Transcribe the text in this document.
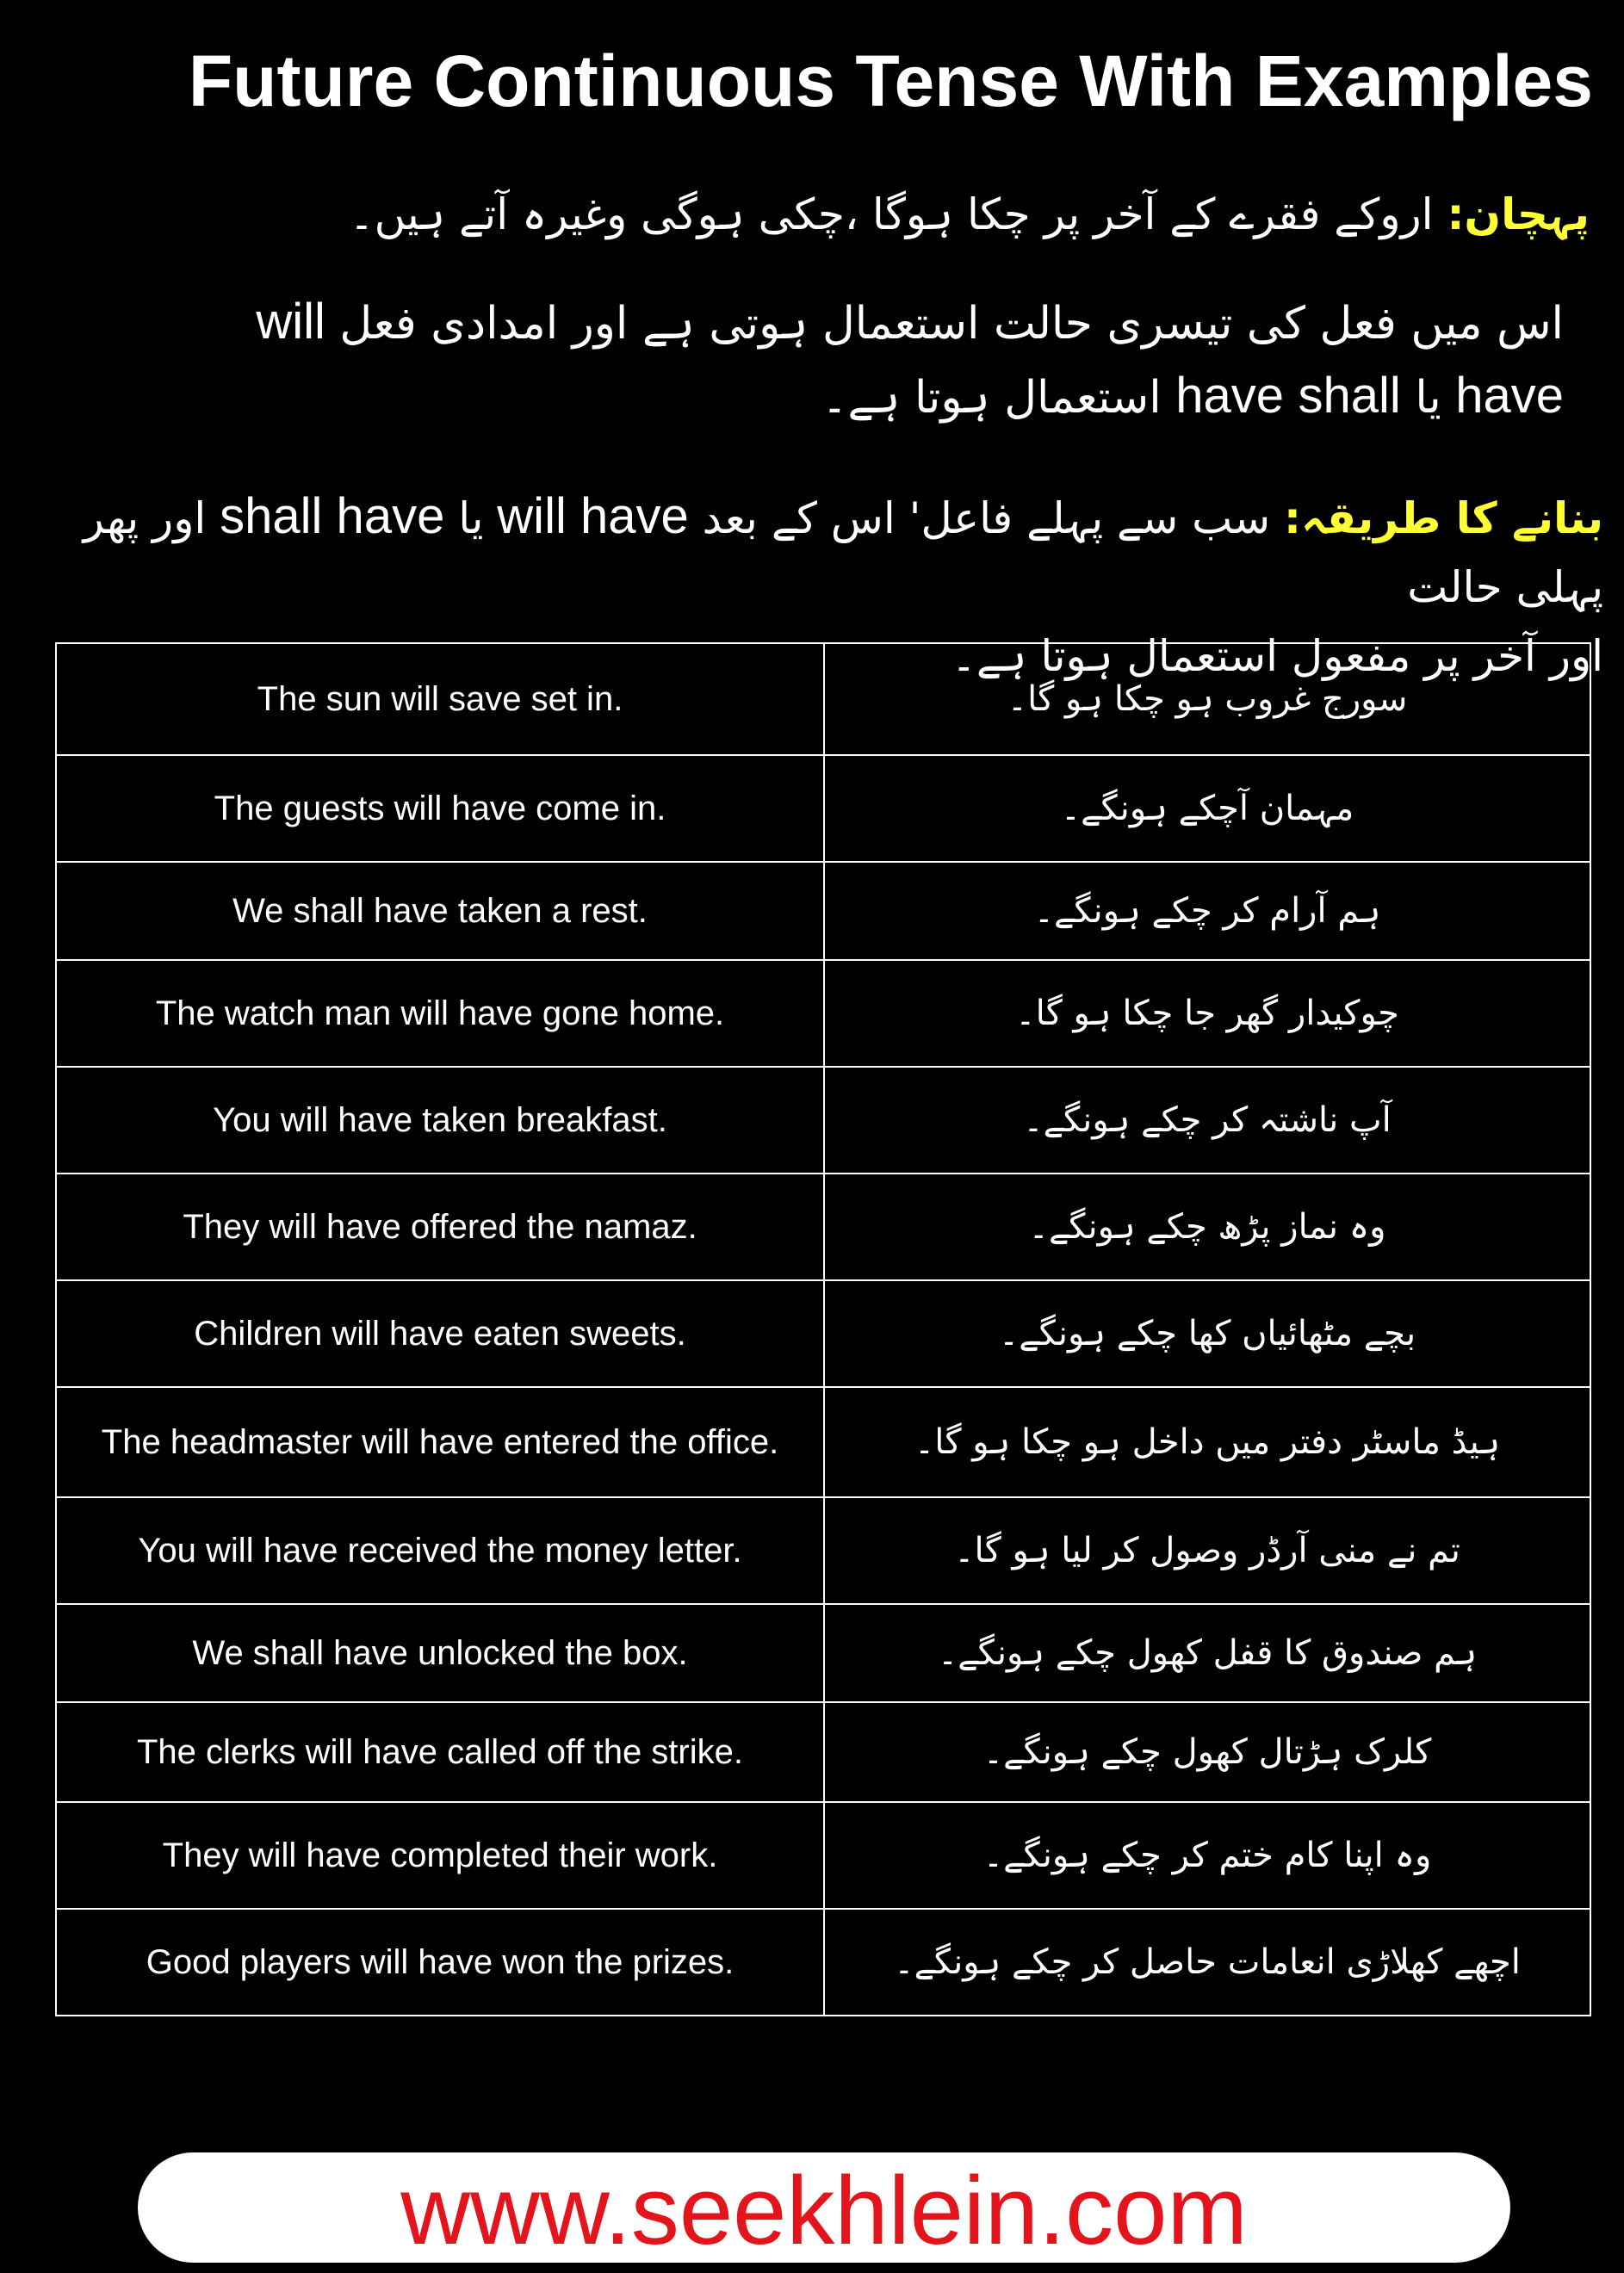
Future Continuous Tense With Examples
پہچان: اروکے فقرے کے آخر پر چکا ہوگا ،چکی ہوگی وغیرہ آتے ہیں۔
اس میں فعل کی تیسری حالت استعمال ہوتی ہے اور امدادی فعل will have یا have shall استعمال ہوتا ہے۔
بنانے کا طریقہ: سب سے پہلے فاعل' اس کے بعد will have یا shall have اور پھر پہلی حالت
اور آخر پر مفعول استعمال ہوتا ہے۔
The sun will save set in.	سورج غروب ہو چکا ہو گا۔
The guests will have come in.	مہمان آچکے ہونگے۔
We shall have taken a rest.	ہم آرام کر چکے ہونگے۔
The watch man will have gone home.	چوکیدار گھر جا چکا ہو گا۔
You will have taken breakfast.	آپ ناشتہ کر چکے ہونگے۔
They will have offered the namaz.	وہ نماز پڑھ چکے ہونگے۔
Children will have eaten sweets.	بچے مٹھائیاں کھا چکے ہونگے۔
The headmaster will have entered the office.	ہیڈ ماسٹر دفتر میں داخل ہو چکا ہو گا۔
You will have received the money letter.	تم نے منی آرڈر وصول کر لیا ہو گا۔
We shall have unlocked the box.	ہم صندوق کا قفل کھول چکے ہونگے۔
The clerks will have called off the strike.	کلرک ہڑتال کھول چکے ہونگے۔
They will have completed their work.	وہ اپنا کام ختم کر چکے ہونگے۔
Good players will have won the prizes.	اچھے کھلاڑی انعامات حاصل کر چکے ہونگے۔
www.seekhlein.com
